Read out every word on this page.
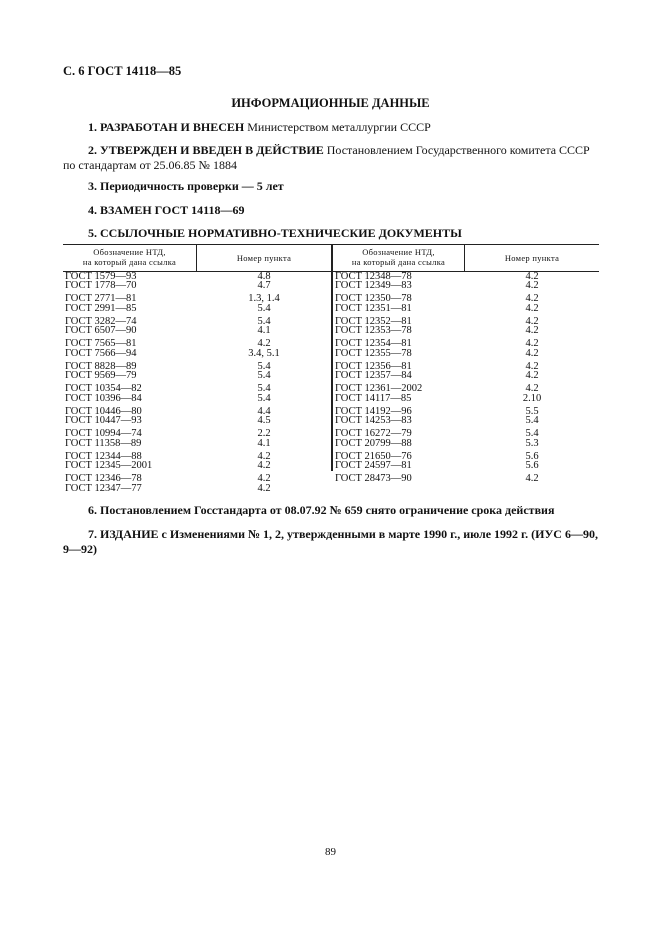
С. 6 ГОСТ 14118—85
ИНФОРМАЦИОННЫЕ ДАННЫЕ
1. РАЗРАБОТАН И ВНЕСЕН Министерством металлургии СССР
2. УТВЕРЖДЕН И ВВЕДЕН В ДЕЙСТВИЕ Постановлением Государственного комитета СССР по стандартам от 25.06.85 № 1884
3. Периодичность проверки — 5 лет
4. ВЗАМЕН ГОСТ 14118—69
5. ССЫЛОЧНЫЕ НОРМАТИВНО-ТЕХНИЧЕСКИЕ ДОКУМЕНТЫ
Обозначение НТД,
на который дана ссылка	Номер пункта
Обозначение НТД,
на который дана ссылка	Номер пункта
ГОСТ 1579—93
ГОСТ 1778—70
ГОСТ 2771—81
ГОСТ 2991—85
ГОСТ 3282—74
ГОСТ 6507—90
ГОСТ 7565—81
ГОСТ 7566—94
ГОСТ 8828—89
ГОСТ 9569—79
ГОСТ 10354—82
ГОСТ 10396—84
ГОСТ 10446—80
ГОСТ 10447—93
ГОСТ 10994—74
ГОСТ 11358—89
ГОСТ 12344—88
ГОСТ 12345—2001
ГОСТ 12346—78
ГОСТ 12347—77
4.8
4.7
1.3, 1.4
5.4
5.4
4.1
4.2
3.4, 5.1
5.4
5.4
5.4
5.4
4.4
4.5
2.2
4.1
4.2
4.2
4.2
4.2
ГОСТ 12348—78
ГОСТ 12349—83
ГОСТ 12350—78
ГОСТ 12351—81
ГОСТ 12352—81
ГОСТ 12353—78
ГОСТ 12354—81
ГОСТ 12355—78
ГОСТ 12356—81
ГОСТ 12357—84
ГОСТ 12361—2002
ГОСТ 14117—85
ГОСТ 14192—96
ГОСТ 14253—83
ГОСТ 16272—79
ГОСТ 20799—88
ГОСТ 21650—76
ГОСТ 24597—81
ГОСТ 28473—90
4.2
4.2
4.2
4.2
4.2
4.2
4.2
4.2
4.2
4.2
4.2
2.10
5.5
5.4
5.4
5.3
5.6
5.6
4.2
6. Постановлением Госстандарта от 08.07.92 № 659 снято ограничение срока действия
7. ИЗДАНИЕ с Изменениями № 1, 2, утвержденными в марте 1990 г., июле 1992 г. (ИУС 6—90, 9—92)
89
